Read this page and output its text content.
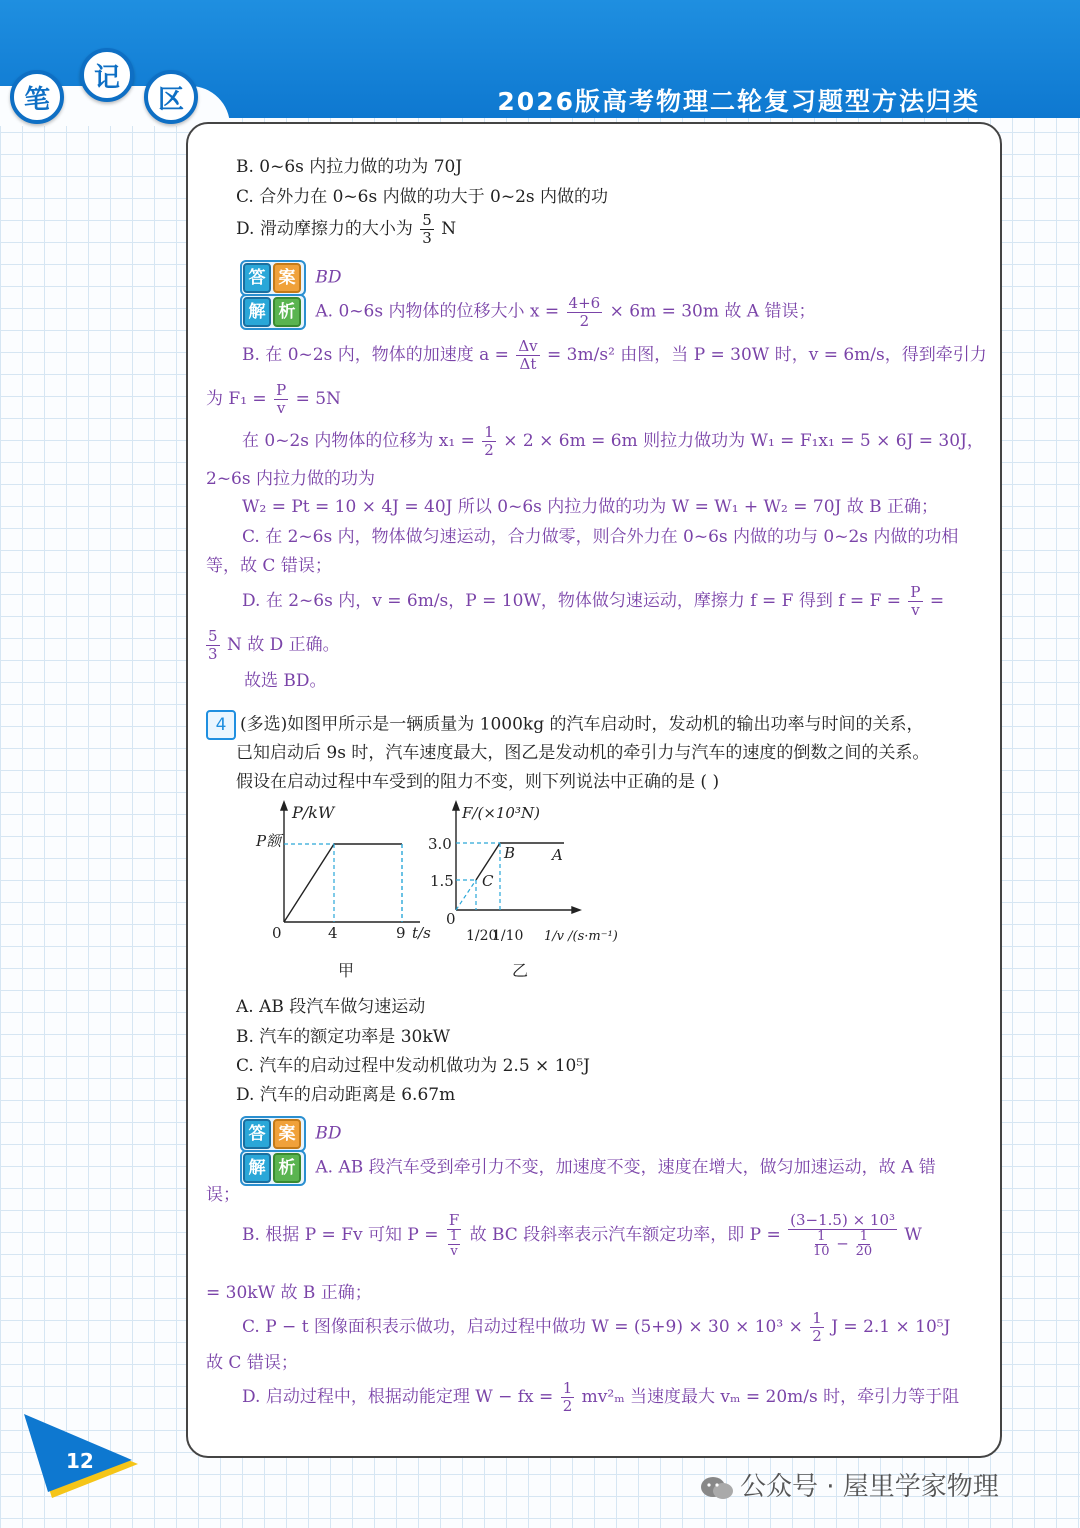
笔
记
区	2026版高考物理二轮复习题型方法归类
B. 0~6s 内拉力做的功为 70J
C. 合外力在 0~6s 内做的功大于 0~2s 内做的功
D. 滑动摩擦力的大小为 $\frac{5}{3}$ N
答 案 BD
解 析 A. 0~6s 内物体的位移大小 $x = \frac{4+6}{2} \times 6m = 30m$ 故 A 错误；
B. 在 0~2s 内，物体的加速度 $a = \frac{\Delta v}{\Delta t} = 3m/s^2$ 由图，当 P = 30W 时，v = 6m/s，得到牵引力
为 $F_1 = \frac{P}{v} = 5N$
在 0~2s 内物体的位移为 $x_1 = \frac{1}{2} \times 2 \times 6m = 6m$ 则拉力做功为 W₁ = F₁x₁ = 5 × 6J = 30J，
2~6s 内拉力做的功为
W₂ = Pt = 10 × 4J = 40J 所以 0~6s 内拉力做的功为 W = W₁ + W₂ = 70J 故 B 正确；
C. 在 2~6s 内，物体做匀速运动，合力做零，则合外力在 0~6s 内做的功与 0~2s 内做的功相
等，故 C 错误；
D. 在 2~6s 内，v = 6m/s，P = 10W，物体做匀速运动，摩擦力 f = F 得到 $f = F = \frac{P}{v}$ =
$\frac{5}{3}$ N 故 D 正确。
故选 BD。
4 (多选)如图甲所示是一辆质量为 1000kg 的汽车启动时，发动机的输出功率与时间的关系，
已知启动后 9s 时，汽车速度最大，图乙是发动机的牵引力与汽车的速度的倒数之间的关系。
假设在启动过程中车受到的阻力不变，则下列说法中正确的是 ( )
P/kW
P额
0	4	9 t/s
甲
F/(×10³N)
3.0
1.5
0
B A
C
1/20
1/10 1/v /(s·m⁻¹)
乙
A. AB 段汽车做匀速运动
B. 汽车的额定功率是 30kW
C. 汽车的启动过程中发动机做功为 2.5 × 10⁵J
D. 汽车的启动距离是 6.67m
答 案 BD
解 析 A. AB 段汽车受到牵引力不变，加速度不变，速度在增大，做匀加速运动，故 A 错
误；
B. 根据 P = Fv 可知 $P = \frac{F}{\frac{1}{v}}$ 故 BC 段斜率表示汽车额定功率，即 $P = \frac{\text{(3−1.5) × 10³}}{\frac{1}{10} - \frac{1}{20}}$ W
= 30kW 故 B 正确；
C. P − t 图像面积表示做功，启动过程中做功 $W = (5+9) \times 30 \times 10^3 \times \frac{1}{2}$ J = 2.1 × 10⁵J
故 C 错误；
D. 启动过程中，根据动能定理 W − fx = $\frac{1}{2} mv^2_m$ 当速度最大 vₘ = 20m/s 时，牵引力等于阻
12
公众号 · 屋里学家物理
